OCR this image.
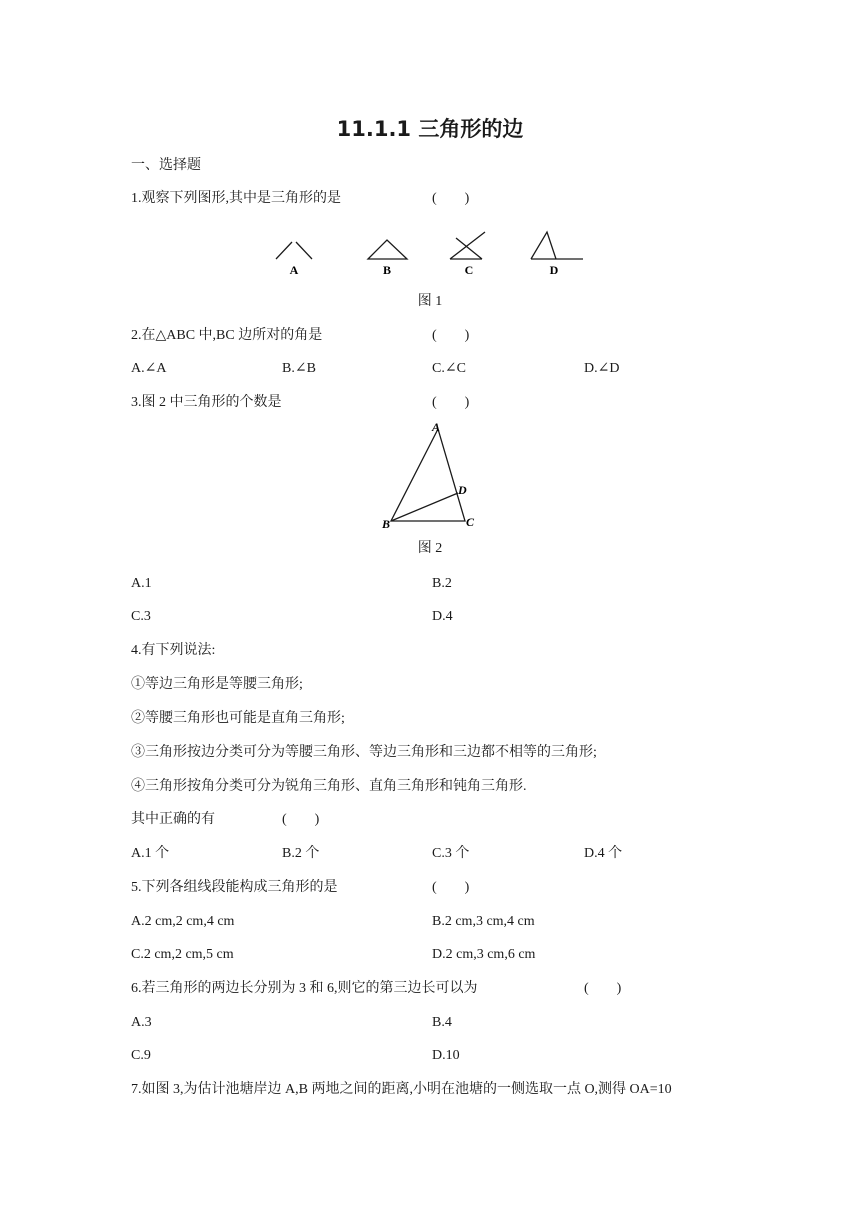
11.1.1 三角形的边
一、选择题
1.观察下列图形,其中是三角形的是	(　　)
A	B	C	D
图 1
2.在△ABC 中,BC 边所对的角是	(　　)
A.∠A	B.∠B	C.∠C	D.∠D
3.图 2 中三角形的个数是	(　　)
A
B	C
D
图 2
A.1	B.2
C.3	D.4
4.有下列说法:
①等边三角形是等腰三角形;
②等腰三角形也可能是直角三角形;
③三角形按边分类可分为等腰三角形、等边三角形和三边都不相等的三角形;
④三角形按角分类可分为锐角三角形、直角三角形和钝角三角形.
其中正确的有	(　　)
A.1 个	B.2 个	C.3 个	D.4 个
5.下列各组线段能构成三角形的是	(　　)
A.2 cm,2 cm,4 cm	B.2 cm,3 cm,4 cm
C.2 cm,2 cm,5 cm	D.2 cm,3 cm,6 cm
6.若三角形的两边长分别为 3 和 6,则它的第三边长可以为	(　　)
A.3	B.4
C.9	D.10
7.如图 3,为估计池塘岸边 A,B 两地之间的距离,小明在池塘的一侧选取一点 O,测得 OA=10
